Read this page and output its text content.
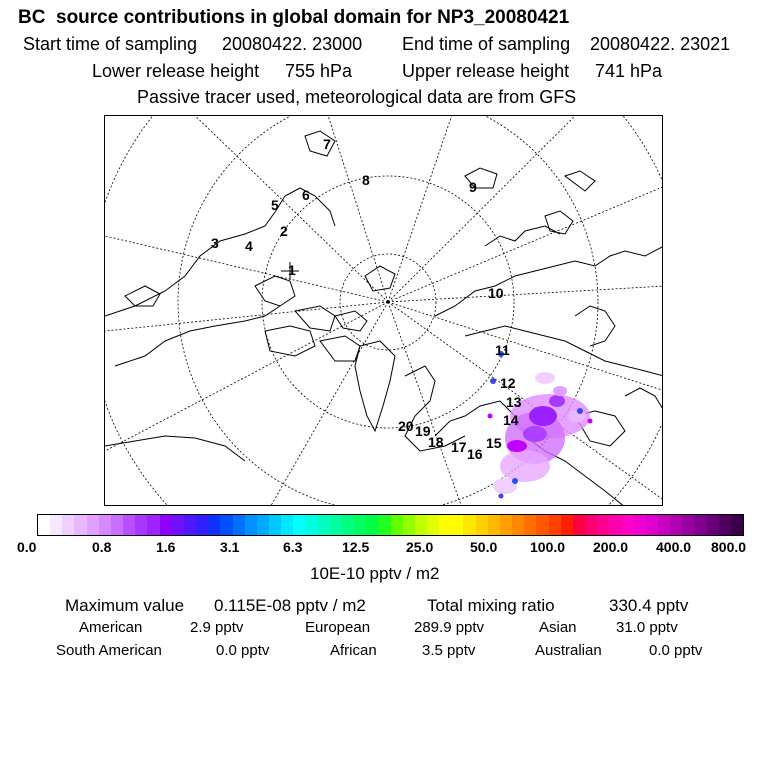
BC  source contributions in global domain for NP3_20080421
Start time of sampling 20080422. 23000 End time of sampling 20080422. 23021
Lower release height 755 hPa	Upper release height 741 hPa
Passive tracer used, meteorological data are from GFS
1
2
3 4
5
6
7
8	9
10
11
12
13
14
15
16
17
18
19
20
0.0	0.8	1.6	3.1	6.3	12.5	25.0	50.0 100.0 200.0 400.0 800.0
10E-10 pptv / m2
Maximum value 0.115E-08 pptv / m2	Total mixing ratio	330.4 pptv
American	2.9 pptv	European	289.9 pptv	Asian	31.0 pptv
South American	0.0 pptv	African	3.5 pptv	Australian	0.0 pptv
